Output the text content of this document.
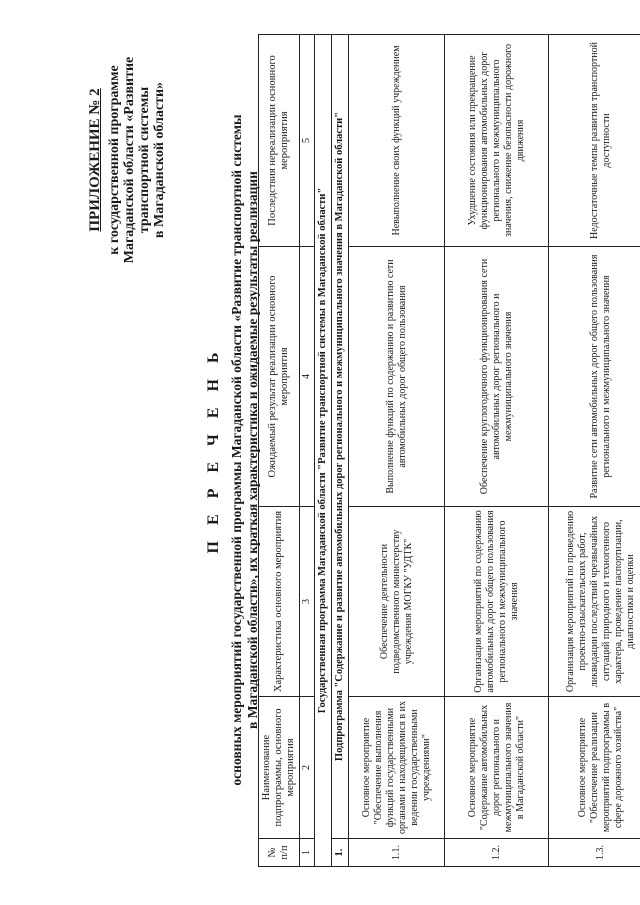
ПРИЛОЖЕНИЕ № 2 к государственной программе Магаданской области «Развитие транспортной системы в Магаданской области»
П Е Р Е Ч Е Н Ь основных мероприятий государственной программы Магаданской области «Развитие транспортной системы в Магаданской области», их краткая характеристика и ожидаемые результаты реализации
№ п/п	Наименование подпрограммы, основного мероприятия	Характеристика основного мероприятия	Ожидаемый результат реализации основного мероприятия	Последствия нереализации основного мероприятия
1	2	3	4	5
Государственная программа Магаданской области "Развитие транспортной системы в Магаданской области"				
1.	Подпрограмма "Содержание и развитие автомобильных дорог регионального и межмуниципального значения в Магаданской области"			
1.1.	Основное мероприятие "Обеспечение выполнения функций государственными органами и находящимися в их ведении государственными учреждениями"	Обеспечение деятельности подведомственного министерству учреждения МОГКУ "УДТК"	Выполнение функций по содержанию и развитию сети автомобильных дорог общего пользования	Невыполнение своих функций учреждением
1.2.	Основное мероприятие "Содержание автомобильных дорог регионального и межмуниципального значения в Магаданской области"	Организация мероприятий по содержанию автомобильных дорог общего пользования регионального и межмуниципального значения	Обеспечение круглогодичного функционирования сети автомобильных дорог регионального и межмуниципального значения	Ухудшение состояния или прекращение функционирования автомобильных дорог регионального и межмуниципального значения, снижение безопасности дорожного движения
1.3.	Основное мероприятие "Обеспечение реализации мероприятий подпрограммы в сфере дорожного хозяйства"	Организация мероприятий по проведению проектно-изыскательских работ, ликвидации последствий чрезвычайных ситуаций природного и техногенного характера, проведение паспортизации, диагностики и оценки	Развитие сети автомобильных дорог общего пользования регионального и межмуниципального значения	Недостаточные темпы развития транспортной доступности
